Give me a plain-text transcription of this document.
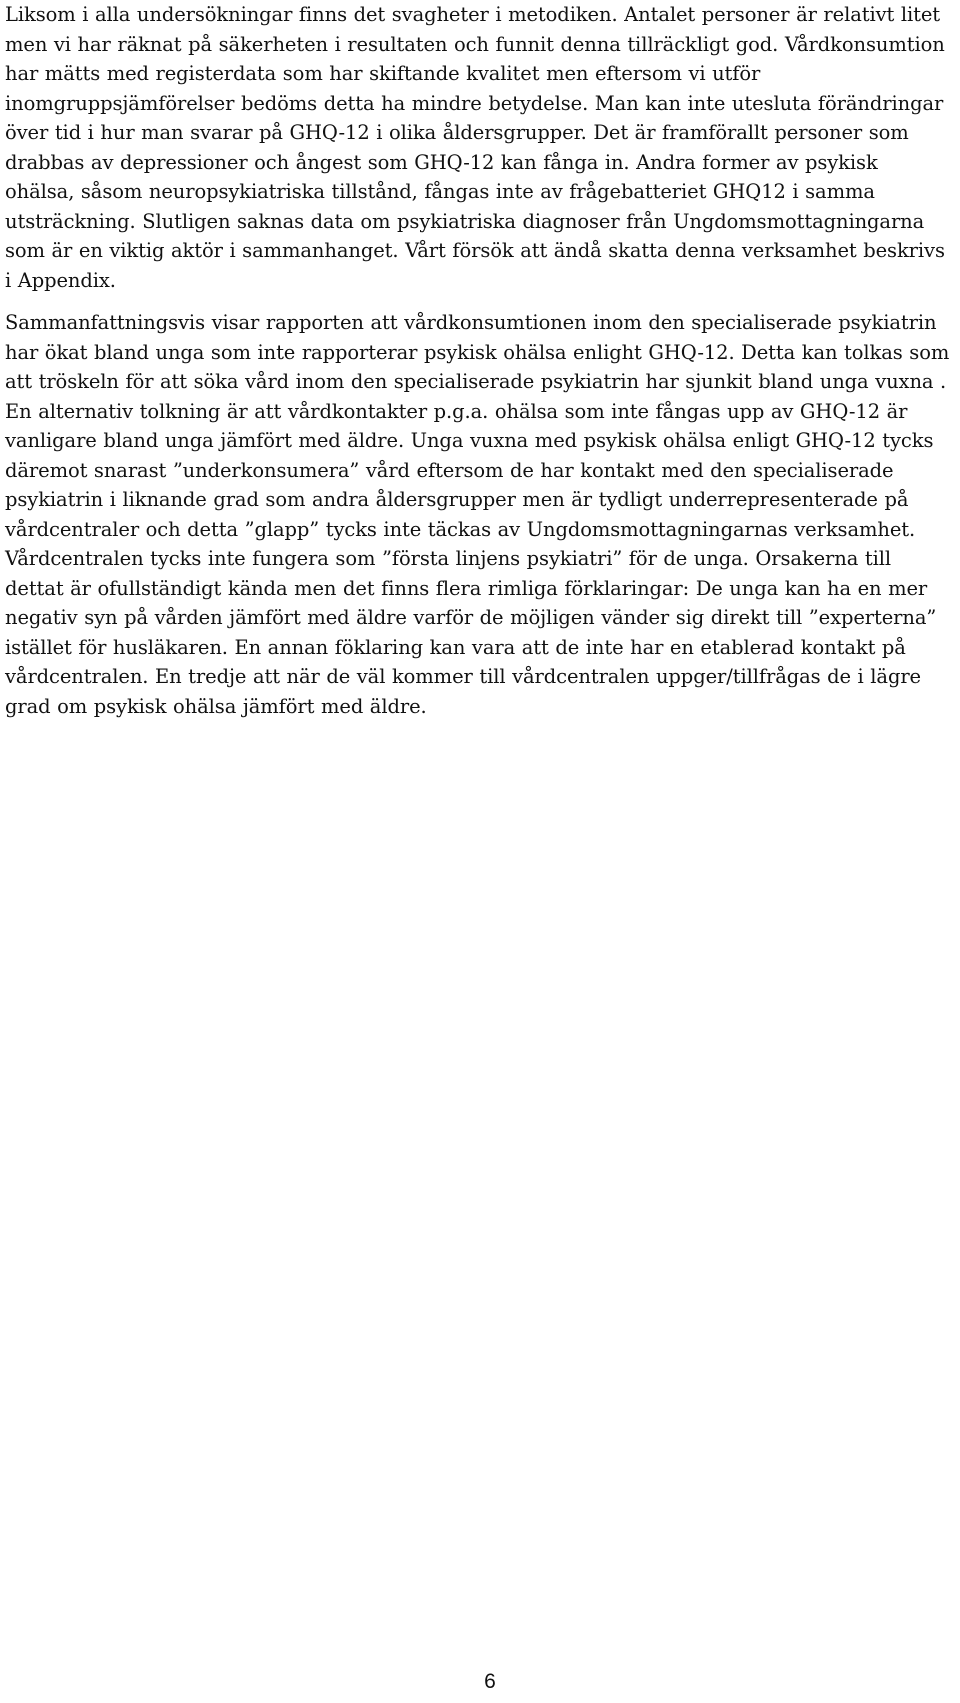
Liksom i alla undersökningar finns det svagheter i metodiken. Antalet personer är relativt litet men vi har räknat på säkerheten i resultaten och funnit denna tillräckligt god. Vårdkonsumtion har mätts med registerdata som har skiftande kvalitet men eftersom vi utför inomgruppsjämförelser bedöms detta ha mindre betydelse. Man kan inte utesluta förändringar över tid i hur man svarar på GHQ-12 i olika åldersgrupper. Det är framförallt personer som drabbas av depressioner och ångest som GHQ-12 kan fånga in. Andra former av psykisk ohälsa, såsom neuropsykiatriska tillstånd, fångas inte av frågebatteriet GHQ12 i samma utsträckning. Slutligen saknas data om psykiatriska diagnoser från Ungdomsmottagningarna som är en viktig aktör i sammanhanget. Vårt försök att ändå skatta denna verksamhet beskrivs i Appendix.

Sammanfattningsvis visar rapporten att vårdkonsumtionen inom den specialiserade psykiatrin har ökat bland unga som inte rapporterar psykisk ohälsa enlight GHQ-12. Detta kan tolkas som att tröskeln för att söka vård inom den specialiserade psykiatrin har sjunkit bland unga vuxna . En alternativ tolkning är att vårdkontakter p.g.a. ohälsa som inte fångas upp av GHQ-12 är vanligare bland unga jämfört med äldre. Unga vuxna med psykisk ohälsa enligt GHQ-12 tycks däremot snarast ”underkonsumera” vård eftersom de har kontakt med den specialiserade psykiatrin i liknande grad som andra åldersgrupper men är tydligt underrepresenterade på vårdcentraler och detta ”glapp” tycks inte täckas av Ungdomsmottagningarnas verksamhet. Vårdcentralen tycks inte fungera som ”första linjens psykiatri” för de unga. Orsakerna till dettat är ofullständigt kända men det finns flera rimliga förklaringar: De unga kan ha en mer negativ syn på vården jämfört med äldre varför de möjligen vänder sig direkt till ”experterna” istället för husläkaren. En annan föklaring kan vara att de inte har en etablerad kontakt på vårdcentralen. En tredje att när de väl kommer till vårdcentralen uppger/tillfrågas de i lägre grad om psykisk ohälsa jämfört med äldre.

6
